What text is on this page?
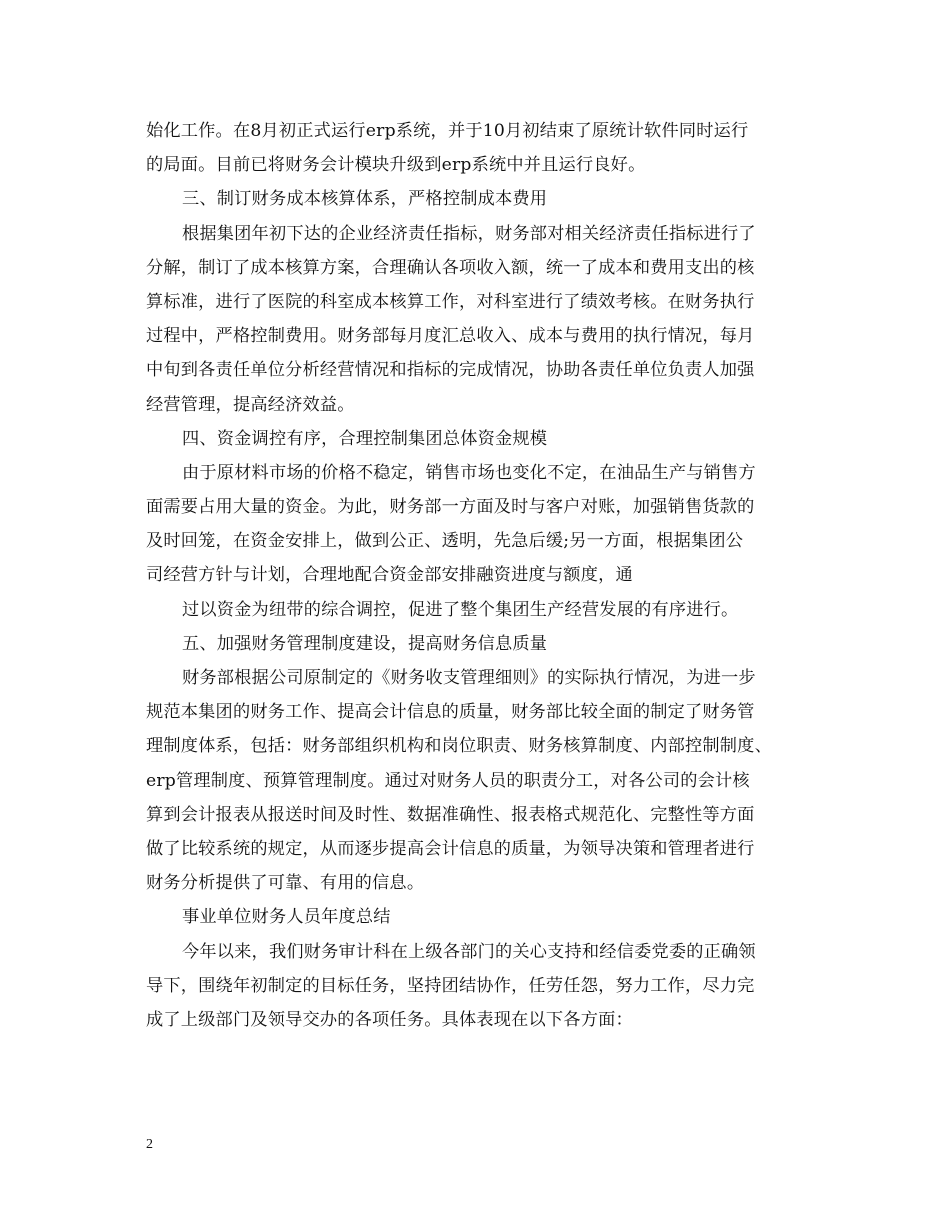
始化工作。在8月初正式运行erp系统，并于10月初结束了原统计软件同时运行
的局面。目前已将财务会计模块升级到erp系统中并且运行良好。
三、制订财务成本核算体系，严格控制成本费用
根据集团年初下达的企业经济责任指标，财务部对相关经济责任指标进行了
分解，制订了成本核算方案，合理确认各项收入额，统一了成本和费用支出的核
算标准，进行了医院的科室成本核算工作，对科室进行了绩效考核。在财务执行
过程中，严格控制费用。财务部每月度汇总收入、成本与费用的执行情况，每月
中旬到各责任单位分析经营情况和指标的完成情况，协助各责任单位负责人加强
经营管理，提高经济效益。
四、资金调控有序，合理控制集团总体资金规模
由于原材料市场的价格不稳定，销售市场也变化不定，在油品生产与销售方
面需要占用大量的资金。为此，财务部一方面及时与客户对账，加强销售货款的
及时回笼，在资金安排上，做到公正、透明，先急后缓;另一方面，根据集团公
司经营方针与计划，合理地配合资金部安排融资进度与额度，通
过以资金为纽带的综合调控，促进了整个集团生产经营发展的有序进行。
五、加强财务管理制度建设，提高财务信息质量
财务部根据公司原制定的《财务收支管理细则》的实际执行情况，为进一步
规范本集团的财务工作、提高会计信息的质量，财务部比较全面的制定了财务管
理制度体系，包括：财务部组织机构和岗位职责、财务核算制度、内部控制制度、
erp管理制度、预算管理制度。通过对财务人员的职责分工，对各公司的会计核
算到会计报表从报送时间及时性、数据准确性、报表格式规范化、完整性等方面
做了比较系统的规定，从而逐步提高会计信息的质量，为领导决策和管理者进行
财务分析提供了可靠、有用的信息。
事业单位财务人员年度总结
今年以来，我们财务审计科在上级各部门的关心支持和经信委党委的正确领
导下，围绕年初制定的目标任务，坚持团结协作，任劳任怨，努力工作，尽力完
成了上级部门及领导交办的各项任务。具体表现在以下各方面：
2
